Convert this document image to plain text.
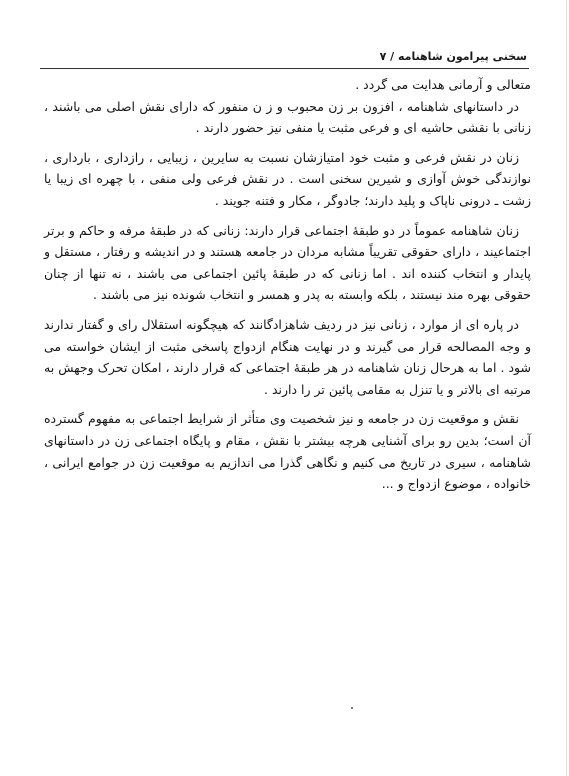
سخنی پیرامون شاهنامه / ۷

متعالی و آرمانی هدایت می گردد .

در داستانهای شاهنامه ، افزون بر زن محبوب و ز ن منفور که دارای نقش اصلی می باشند ، زنانی با نقشی حاشیه ای و فرعی مثبت یا منفی نیز حضور دارند .

زنان در نقش فرعی و مثبت خود امتیازشان نسبت به سایرین ، زیبایی ، رازداری ، بارداری ، نوازندگی خوش آوازی و شیرین سخنی است . در نقش فرعی ولی منفی ، با چهره ای زیبا یا زشت ـ درونی ناپاک و پلید دارند؛ جادوگر ، مکار و فتنه جویند .

زنان شاهنامه عموماً در دو طبقهٔ اجتماعی قرار دارند: زنانی که در طبقهٔ مرفه و حاکم و برتر اجتماعیند ، دارای حقوقی تقریباً مشابه مردان در جامعه هستند و در اندیشه و رفتار ، مستقل و پایدار و انتخاب کننده اند . اما زنانی که در طبقهٔ پائین اجتماعی می باشند ، نه تنها از چنان حقوقی بهره مند نیستند ، بلکه وابسته به پدر و همسر و انتخاب شونده نیز می باشند .

در پاره ای از موارد ، زنانی نیز در ردیف شاهزادگانند که هیچگونه استقلال رای و گفتار ندارند و وجه المصالحه قرار می گیرند و در نهایت هنگام ازدواج پاسخی مثبت از ایشان خواسته می شود . اما به هرحال زنان شاهنامه در هر طبقهٔ اجتماعی که قرار دارند ، امکان تحرک وجهش به مرتبه ای بالاتر و یا تنزل به مقامی پائین تر را دارند .

نقش و موقعیت زن در جامعه و نیز شخصیت وی متأثر از شرایط اجتماعی به مفهوم گسترده آن است؛ بدین رو برای آشنایی هرچه بیشتر با نقش ، مقام و پایگاه اجتماعی زن در داستانهای شاهنامه ، سیری در تاریخ می کنیم و نگاهی گذرا می اندازیم به موقعیت زن در جوامع ایرانی ، خانواده ، موضوع ازدواج و ...
